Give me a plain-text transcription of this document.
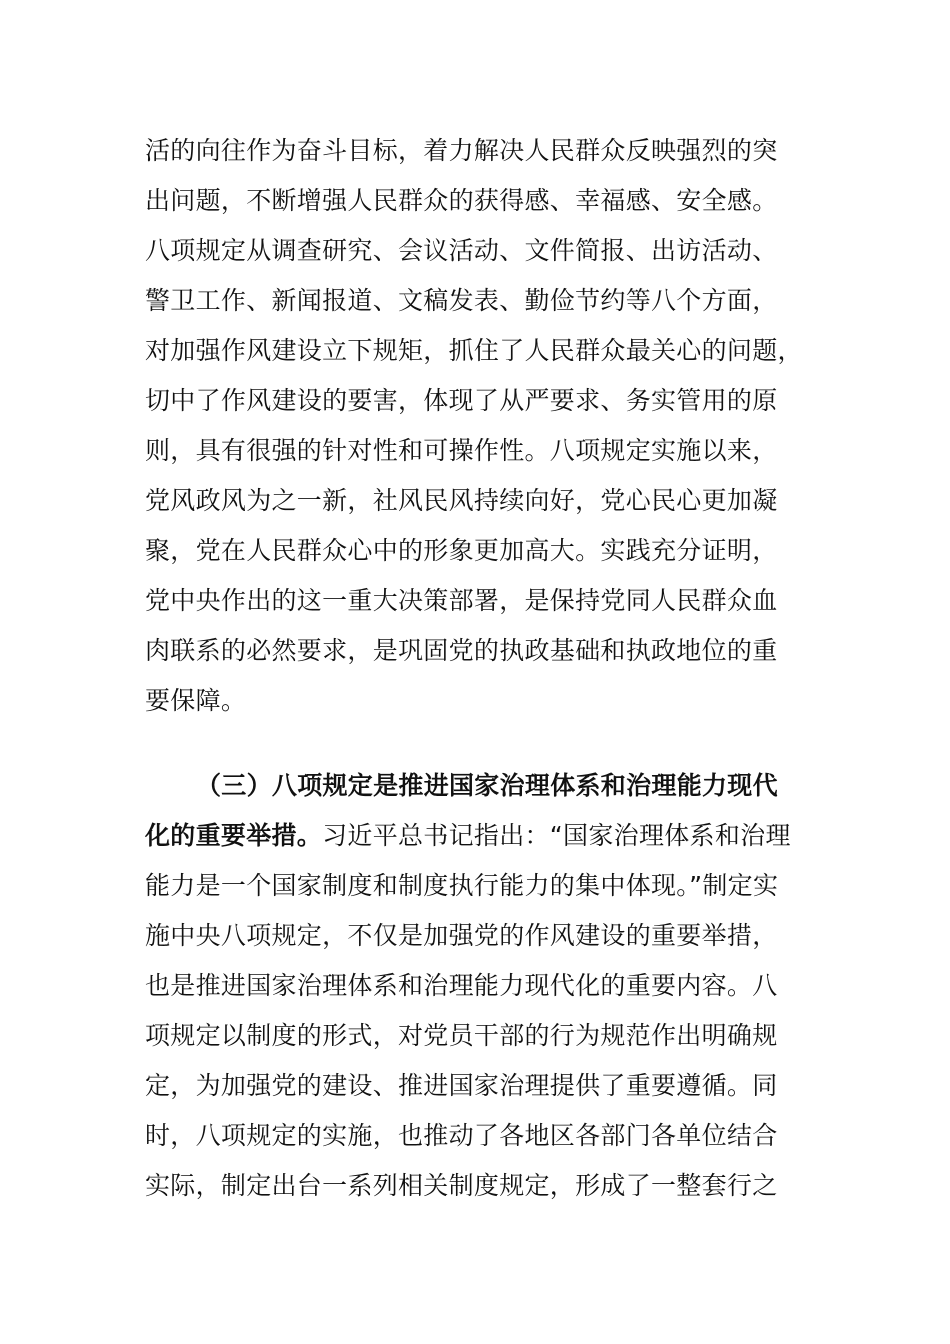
活的向往作为奋斗目标，着力解决人民群众反映强烈的突
出问题，不断增强人民群众的获得感、幸福感、安全感。
八项规定从调查研究、会议活动、文件简报、出访活动、
警卫工作、新闻报道、文稿发表、勤俭节约等八个方面，
对加强作风建设立下规矩，抓住了人民群众最关心的问题，
切中了作风建设的要害，体现了从严要求、务实管用的原
则，具有很强的针对性和可操作性。八项规定实施以来，
党风政风为之一新，社风民风持续向好，党心民心更加凝
聚，党在人民群众心中的形象更加高大。实践充分证明，
党中央作出的这一重大决策部署，是保持党同人民群众血
肉联系的必然要求，是巩固党的执政基础和执政地位的重
要保障。
（三）八项规定是推进国家治理体系和治理能力现代
化的重要举措。习近平总书记指出：“国家治理体系和治理
能力是一个国家制度和制度执行能力的集中体现。”制定实
施中央八项规定，不仅是加强党的作风建设的重要举措，
也是推进国家治理体系和治理能力现代化的重要内容。八
项规定以制度的形式，对党员干部的行为规范作出明确规
定，为加强党的建设、推进国家治理提供了重要遵循。同
时，八项规定的实施，也推动了各地区各部门各单位结合
实际，制定出台一系列相关制度规定，形成了一整套行之
